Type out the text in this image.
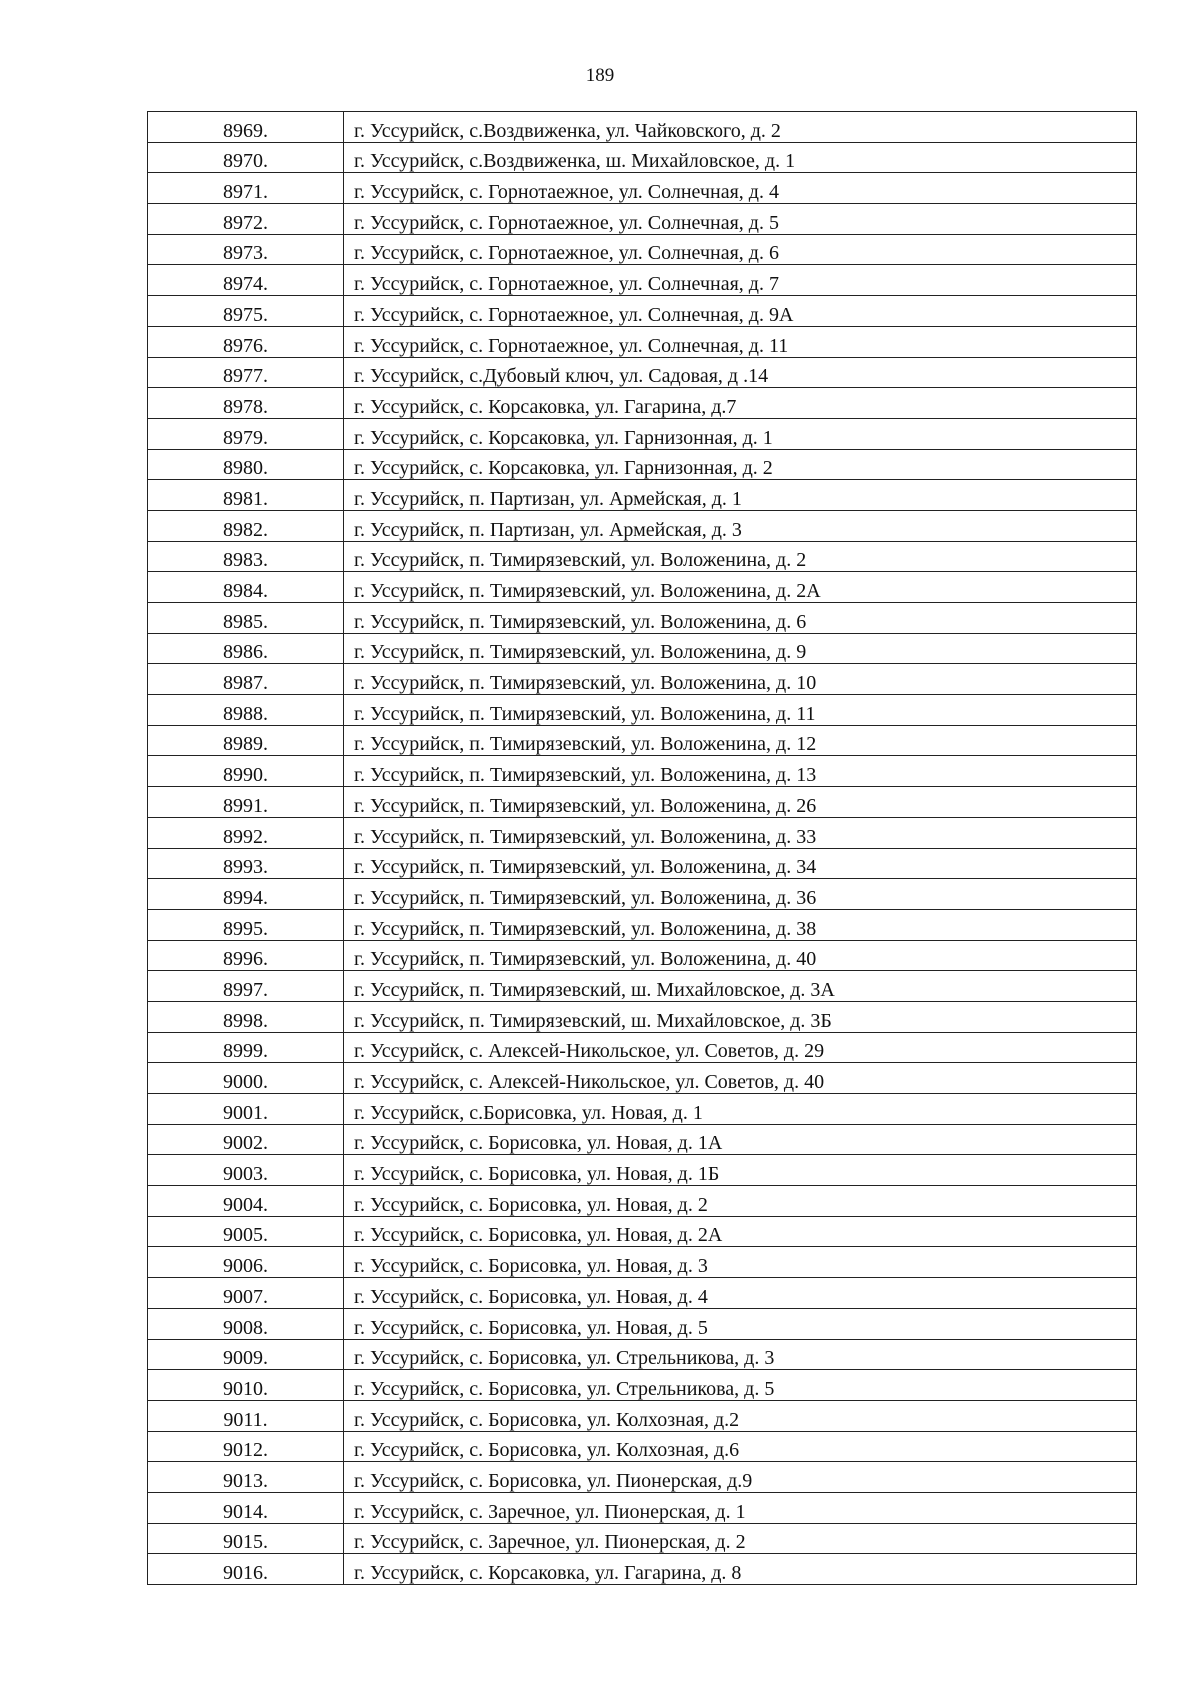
189
8969.	г. Уссурийск, с.Воздвиженка, ул. Чайковского, д. 2
8970.	г. Уссурийск, с.Воздвиженка, ш. Михайловское, д. 1
8971.	г. Уссурийск, с. Горнотаежное, ул. Солнечная, д. 4
8972.	г. Уссурийск, с. Горнотаежное, ул. Солнечная, д. 5
8973.	г. Уссурийск, с. Горнотаежное, ул. Солнечная, д. 6
8974.	г. Уссурийск, с. Горнотаежное, ул. Солнечная, д. 7
8975.	г. Уссурийск, с. Горнотаежное, ул. Солнечная, д. 9А
8976.	г. Уссурийск, с. Горнотаежное, ул. Солнечная, д. 11
8977.	г. Уссурийск, с.Дубовый ключ, ул. Садовая, д .14
8978.	г. Уссурийск, с. Корсаковка, ул. Гагарина, д.7
8979.	г. Уссурийск, с. Корсаковка, ул. Гарнизонная, д. 1
8980.	г. Уссурийск, с. Корсаковка, ул. Гарнизонная, д. 2
8981.	г. Уссурийск, п. Партизан, ул. Армейская, д. 1
8982.	г. Уссурийск, п. Партизан, ул. Армейская, д. 3
8983.	г. Уссурийск, п. Тимирязевский, ул. Воложенина, д. 2
8984.	г. Уссурийск, п. Тимирязевский, ул. Воложенина, д. 2А
8985.	г. Уссурийск, п. Тимирязевский, ул. Воложенина, д. 6
8986.	г. Уссурийск, п. Тимирязевский, ул. Воложенина, д. 9
8987.	г. Уссурийск, п. Тимирязевский, ул. Воложенина, д. 10
8988.	г. Уссурийск, п. Тимирязевский, ул. Воложенина, д. 11
8989.	г. Уссурийск, п. Тимирязевский, ул. Воложенина, д. 12
8990.	г. Уссурийск, п. Тимирязевский, ул. Воложенина, д. 13
8991.	г. Уссурийск, п. Тимирязевский, ул. Воложенина, д. 26
8992.	г. Уссурийск, п. Тимирязевский, ул. Воложенина, д. 33
8993.	г. Уссурийск, п. Тимирязевский, ул. Воложенина, д. 34
8994.	г. Уссурийск, п. Тимирязевский, ул. Воложенина, д. 36
8995.	г. Уссурийск, п. Тимирязевский, ул. Воложенина, д. 38
8996.	г. Уссурийск, п. Тимирязевский, ул. Воложенина, д. 40
8997.	г. Уссурийск, п. Тимирязевский, ш. Михайловское, д. 3А
8998.	г. Уссурийск, п. Тимирязевский, ш. Михайловское, д. 3Б
8999.	г. Уссурийск, с. Алексей-Никольское, ул. Советов, д. 29
9000.	г. Уссурийск, с. Алексей-Никольское, ул. Советов, д. 40
9001.	г. Уссурийск, с.Борисовка, ул. Новая, д. 1
9002.	г. Уссурийск, с. Борисовка, ул. Новая, д. 1А
9003.	г. Уссурийск, с. Борисовка, ул. Новая, д. 1Б
9004.	г. Уссурийск, с. Борисовка, ул. Новая, д. 2
9005.	г. Уссурийск, с. Борисовка, ул. Новая, д. 2А
9006.	г. Уссурийск, с. Борисовка, ул. Новая, д. 3
9007.	г. Уссурийск, с. Борисовка, ул. Новая, д. 4
9008.	г. Уссурийск, с. Борисовка, ул. Новая, д. 5
9009.	г. Уссурийск, с. Борисовка, ул. Стрельникова, д. 3
9010.	г. Уссурийск, с. Борисовка, ул. Стрельникова, д. 5
9011.	г. Уссурийск, с. Борисовка, ул. Колхозная, д.2
9012.	г. Уссурийск, с. Борисовка, ул. Колхозная, д.6
9013.	г. Уссурийск, с. Борисовка, ул. Пионерская, д.9
9014.	г. Уссурийск, с. Заречное, ул. Пионерская, д. 1
9015.	г. Уссурийск, с. Заречное, ул. Пионерская, д. 2
9016.	г. Уссурийск, с. Корсаковка, ул. Гагарина, д. 8
